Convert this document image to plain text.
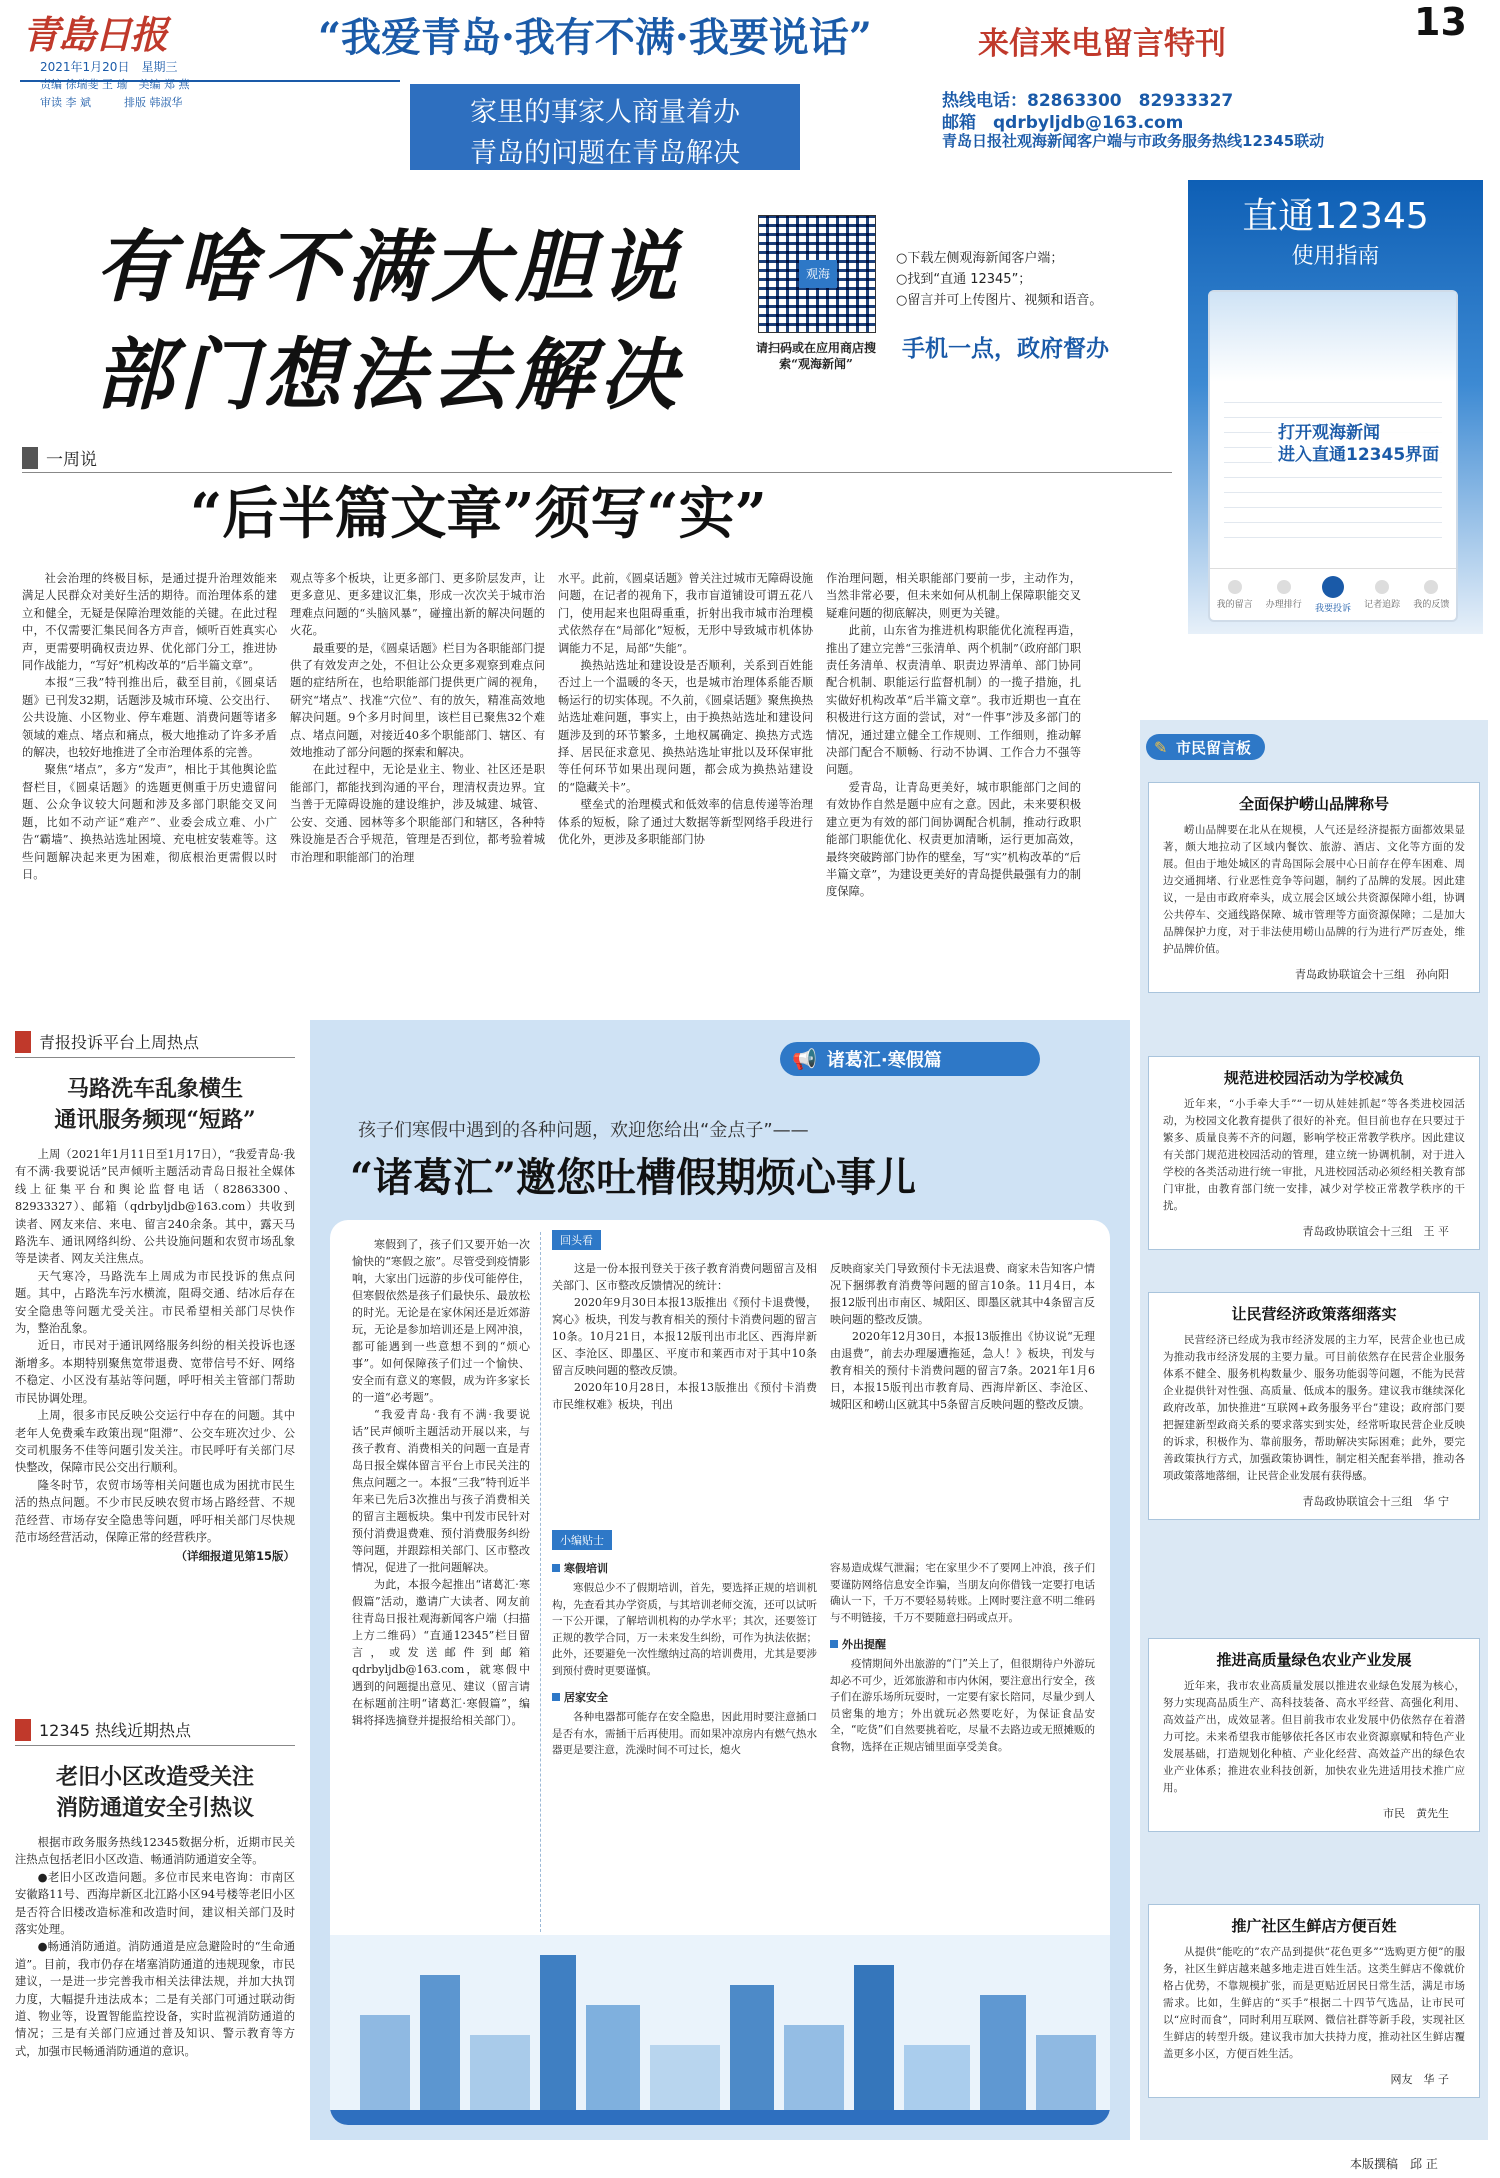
青島日报
2021年1月20日　星期三
责编 徐瑞斐 王 瑜　美编 郑 燕
审读 李 斌　　　排版 韩淑华
“我爱青岛·我有不满·我要说话”	来信来电留言特刊	13
家里的事家人商量着办
青岛的问题在青岛解决
热线电话：82863300　82933327
邮箱　qdrbyljdb@163.com
青岛日报社观海新闻客户端与市政务服务热线12345联动
有啥不满大胆说
部门想法去解决
观海
请扫码或在应用商店搜索“观海新闻”
○下载左侧观海新闻客户端；
○找到“直通 12345”；
○留言并可上传图片、视频和语音。
手机一点，政府督办
直通12345
使用指南
我的留言 办理排行 我要投诉 记者追踪 我的反馈
打开观海新闻
进入直通12345界面
一周说
“后半篇文章”须写“实”

社会治理的终极目标，是通过提升治理效能来满足人民群众对美好生活的期待。而治理体系的建立和健全，无疑是保障治理效能的关键。在此过程中，不仅需要汇集民间各方声音，倾听百姓真实心声，更需要明确权责边界、优化部门分工，推进协同作战能力，“写好”机构改革的“后半篇文章”。

本报“三我”特刊推出后，截至目前，《圆桌话题》已刊发32期，话题涉及城市环境、公交出行、公共设施、小区物业、停车难题、消费问题等诸多领域的难点、堵点和痛点，极大地推动了许多矛盾的解决，也较好地推进了全市治理体系的完善。

聚焦“堵点”，多方“发声”，相比于其他舆论监督栏目，《圆桌话题》的选题更侧重于历史遗留问题、公众争议较大问题和涉及多部门职能交叉问题，比如不动产证“难产”、业委会成立难、小广告“霸墙”、换热站选址困境、充电桩安装难等。这些问题解决起来更为困难，彻底根治更需假以时日。

观点等多个板块，让更多部门、更多阶层发声，让更多意见、更多建议汇集，形成一次次关于城市治理难点问题的“头脑风暴”，碰撞出新的解决问题的火花。

最重要的是，《圆桌话题》栏目为各职能部门提供了有效发声之处，不但让公众更多观察到难点问题的症结所在，也给职能部门提供更广阔的视角，研究“堵点”、找准“穴位”、有的放矢，精准高效地解决问题。9个多月时间里，该栏目已聚焦32个难点、堵点问题，对接近40多个职能部门、辖区、有效地推动了部分问题的探索和解决。

在此过程中，无论是业主、物业、社区还是职能部门，都能找到沟通的平台，理清权责边界。宜当善于无障碍设施的建设维护，涉及城建、城管、公安、交通、园林等多个职能部门和辖区，各种特殊设施是否合乎规范，管理是否到位，都考验着城市治理和职能部门的治理

水平。此前，《圆桌话题》曾关注过城市无障碍设施问题，在记者的视角下，我市盲道铺设可谓五花八门，使用起来也阻碍重重，折射出我市城市治理模式依然存在“局部化”短板，无形中导致城市机体协调能力不足，局部“失能”。

换热站选址和建设设是否顺利，关系到百姓能否过上一个温暖的冬天，也是城市治理体系能否顺畅运行的切实体现。不久前，《圆桌话题》聚焦换热站选址难问题，事实上，由于换热站选址和建设问题涉及到的环节繁多，土地权属确定、换热方式选择、居民征求意见、换热站选址审批以及环保审批等任何环节如果出现问题，都会成为换热站建设的“隐藏关卡”。

壁垒式的治理模式和低效率的信息传递等治理体系的短板，除了通过大数据等新型网络手段进行优化外，更涉及多职能部门协

作治理问题，相关职能部门要前一步，主动作为，当然非常必要，但未来如何从机制上保障职能交叉疑难问题的彻底解决，则更为关键。

此前，山东省为推进机构职能优化流程再造，推出了建立完善“三张清单、两个机制”（政府部门职责任务清单、权责清单、职责边界清单、部门协同配合机制、职能运行监督机制）的一揽子措施，扎实做好机构改革“后半篇文章”。我市近期也一直在积极进行这方面的尝试，对“一件事”涉及多部门的情况，通过建立健全工作规则、工作细则，推动解决部门配合不顺畅、行动不协调、工作合力不强等问题。

爱青岛，让青岛更美好，城市职能部门之间的有效协作自然是题中应有之意。因此，未来要积极建立更为有效的部门间协调配合机制，推动行政职能部门职能优化、权责更加清晰，运行更加高效，最终突破跨部门协作的壁垒，写“实”机构改革的“后半篇文章”，为建设更美好的青岛提供最强有力的制度保障。

青报投诉平台上周热点
马路洗车乱象横生
通讯服务频现“短路”

上周（2021年1月11日至1月17日），“我爱青岛·我有不满·我要说话”民声倾听主题活动青岛日报社全媒体线上征集平台和舆论监督电话（82863300、82933327）、邮箱（qdrbyljdb@163.com）共收到读者、网友来信、来电、留言240余条。其中，露天马路洗车、通讯网络纠纷、公共设施问题和农贸市场乱象等是读者、网友关注焦点。

天气寒冷，马路洗车上周成为市民投诉的焦点问题。其中，占路洗车污水横流，阻碍交通、结冰后存在安全隐患等问题尤受关注。市民希望相关部门尽快作为，整治乱象。

近日，市民对于通讯网络服务纠纷的相关投诉也逐渐增多。本期特别聚焦宽带退费、宽带信号不好、网络不稳定、小区没有基站等问题，呼吁相关主管部门帮助市民协调处理。

上周，很多市民反映公交运行中存在的问题。其中老年人免费乘车政策出现“阻滞”、公交车班次过少、公交司机服务不佳等问题引发关注。市民呼吁有关部门尽快整改，保障市民公交出行顺利。

隆冬时节，农贸市场等相关问题也成为困扰市民生活的热点问题。不少市民反映农贸市场占路经营、不规范经营、市场存安全隐患等问题，呼吁相关部门尽快规范市场经营活动，保障正常的经营秩序。

（详细报道见第15版）
12345 热线近期热点
老旧小区改造受关注
消防通道安全引热议

根据市政务服务热线12345数据分析，近期市民关注热点包括老旧小区改造、畅通消防通道安全等。

●老旧小区改造问题。多位市民来电咨询：市南区安徽路11号、西海岸新区北江路小区94号楼等老旧小区是否符合旧楼改造标准和改造时间，建议相关部门及时落实处理。

●畅通消防通道。消防通道是应急避险时的“生命通道”。目前，我市仍存在堵塞消防通道的违规现象，市民建议，一是进一步完善我市相关法律法规，并加大执罚力度，大幅提升违法成本；二是有关部门可通过联动街道、物业等，设置智能监控设备，实时监视消防通道的情况；三是有关部门应通过普及知识、警示教育等方式，加强市民畅通消防通道的意识。

📢 诸葛汇·寒假篇
孩子们寒假中遇到的各种问题，欢迎您给出“金点子”——
“诸葛汇”邀您吐槽假期烦心事儿

寒假到了，孩子们又要开始一次愉快的“寒假之旅”。尽管受到疫情影响，大家出门远游的步伐可能停住，但寒假依然是孩子们最快乐、最放松的时光。无论是在家休闲还是近郊游玩，无论是参加培训还是上网冲浪，都可能遇到一些意想不到的“烦心事”。如何保障孩子们过一个愉快、安全而有意义的寒假，成为许多家长的一道“必考题”。

“我爱青岛·我有不满·我要说话”民声倾听主题活动开展以来，与孩子教育、消费相关的问题一直是青岛日报全媒体留言平台上市民关注的焦点问题之一。本报“三我”特刊近半年来已先后3次推出与孩子消费相关的留言主题板块。集中刊发市民针对预付消费退费难、预付消费服务纠纷等问题，并跟踪相关部门、区市整改情况，促进了一批问题解决。

为此，本报今起推出“诸葛汇·寒假篇”活动，邀请广大读者、网友前往青岛日报社观海新闻客户端（扫描上方二维码）“直通12345”栏目留言，或发送邮件到邮箱qdrbyljdb@163.com，就寒假中遇到的问题提出意见、建议（留言请在标题前注明“诸葛汇·寒假篇”，编辑将择选摘登并提报给相关部门）。

回头看

这是一份本报刊登关于孩子教育消费问题留言及相关部门、区市整改反馈情况的统计：

2020年9月30日本报13版推出《预付卡退费慢，窝心》板块，刊发与教育相关的预付卡消费问题的留言10条。10月21日，本报12版刊出市北区、西海岸新区、李沧区、即墨区、平度市和莱西市对于其中10条留言反映问题的整改反馈。

2020年10月28日，本报13版推出《预付卡消费市民维权难》板块，刊出

反映商家关门导致预付卡无法退费、商家未告知客户情况下捆绑教育消费等问题的留言10条。11月4日，本报12版刊出市南区、城阳区、即墨区就其中4条留言反映问题的整改反馈。

2020年12月30日，本报13版推出《协议说“无理由退费”，前去办理屡遭拖延，急人！》板块，刊发与教育相关的预付卡消费问题的留言7条。2021年1月6日，本报15版刊出市教育局、西海岸新区、李沧区、城阳区和崂山区就其中5条留言反映问题的整改反馈。

小编贴士
寒假培训

寒假总少不了假期培训，首先，要选择正规的培训机构，先查看其办学资质，与其培训老师交流，还可以试听一下公开课，了解培训机构的办学水平；其次，还要签订正规的教学合同，万一未来发生纠纷，可作为执法依据；此外，还要避免一次性缴纳过高的培训费用，尤其是要涉到预付费时更要谨慎。

居家安全

各种电器都可能存在安全隐患，因此用时要注意插口是否有水，需插干后再使用。而如果冲凉房内有燃气热水器更是要注意，洗澡时间不可过长，熄火

容易造成煤气泄漏；宅在家里少不了要网上冲浪，孩子们要谨防网络信息安全诈骗，当朋友向你借钱一定要打电话确认一下，千万不要轻易转账。上网时要注意不明二维码与不明链接，千万不要随意扫码或点开。

外出提醒

疫情期间外出旅游的“门”关上了，但很期待户外游玩却必不可少，近郊旅游和市内休闲，要注意出行安全，孩子们在游乐场所玩耍时，一定要有家长陪同，尽量少到人员密集的地方；外出就玩必然要吃好，为保证食品安全，“吃货”们自然要挑着吃，尽量不去路边或无照摊贩的食物，选择在正规店铺里面享受美食。

✎ 市民留言板
全面保护崂山品牌称号

崂山品牌要在北从在规模，人气还是经济提振方面都效果显著，颇大地拉动了区域内餐饮、旅游、酒店、文化等方面的发展。但由于地处城区的青岛国际会展中心日前存在停车困难、周边交通拥堵、行业恶性竞争等问题，制约了品牌的发展。因此建议，一是由市政府牵头，成立展会区域公共资源保障小组，协调公共停车、交通线路保障、城市管理等方面资源保障；二是加大品牌保护力度，对于非法使用崂山品牌的行为进行严厉查处，维护品牌价值。

青岛政协联谊会十三组　孙向阳
规范进校园活动为学校减负

近年来，“小手牵大手”“一切从娃娃抓起”等各类进校园活动，为校园文化教育提供了很好的补充。但目前也存在只要过于繁多、质量良莠不齐的问题，影响学校正常教学秩序。因此建议有关部门规范进校园活动的管理，建立统一协调机制，对于进入学校的各类活动进行统一审批，凡进校园活动必须经相关教育部门审批，由教育部门统一安排，减少对学校正常教学秩序的干扰。

青岛政协联谊会十三组　王 平
让民营经济政策落细落实

民营经济已经成为我市经济发展的主力军，民营企业也已成为推动我市经济发展的主要力量。可目前依然存在民营企业服务体系不健全、服务机构数量少、服务功能弱等问题，不能为民营企业提供针对性强、高质量、低成本的服务。建议我市继续深化政府改革，加快推进“互联网+政务服务平台”建设；政府部门要把握建新型政商关系的要求落实到实处，经常听取民营企业反映的诉求，积极作为、靠前服务，帮助解决实际困难；此外，要完善政策执行方式，加强政策协调性，制定相关配套举措，推动各项政策落地落细，让民营企业发展有获得感。

青岛政协联谊会十三组　华 宁
推进高质量绿色农业产业发展

近年来，我市农业高质量发展以推进农业绿色发展为核心，努力实现高品质生产、高科技装备、高水平经营、高强化利用、高效益产出，成效显著。但目前我市农业发展中仍依然存在着潜力可挖。未来希望我市能够依托各区市农业资源禀赋和特色产业发展基础，打造规划化种植、产业化经营、高效益产出的绿色农业产业体系；推进农业科技创新，加快农业先进适用技术推广应用。

市民　黄先生
推广社区生鲜店方便百姓

从提供“能吃的”农产品到提供“花色更多”“选购更方便”的服务，社区生鲜店越来越多地走进百姓生活。这类生鲜店不像就价格占优势，不靠规模扩张，而是更贴近居民日常生活，满足市场需求。比如，生鲜店的“买手”根据二十四节气选品，让市民可以“应时而食”，同时利用互联网、微信社群等新手段，实现社区生鲜店的转型升级。建议我市加大扶持力度，推动社区生鲜店覆盖更多小区，方便百姓生活。

网友　华 子
本版撰稿　邱 正
